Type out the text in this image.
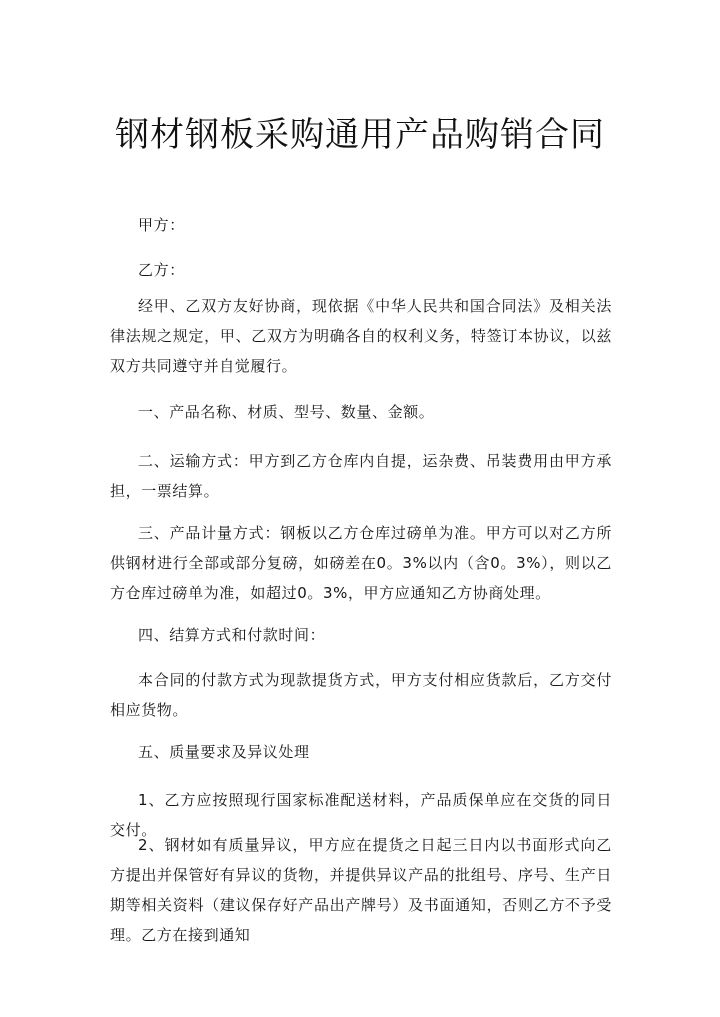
钢材钢板采购通用产品购销合同

甲方：

乙方：

经甲、乙双方友好协商，现依据《中华人民共和国合同法》及相关法律法规之规定，甲、乙双方为明确各自的权利义务，特签订本协议，以兹双方共同遵守并自觉履行。

一、产品名称、材质、型号、数量、金额。

二、运输方式：甲方到乙方仓库内自提，运杂费、吊装费用由甲方承担，一票结算。

三、产品计量方式：钢板以乙方仓库过磅单为准。甲方可以对乙方所供钢材进行全部或部分复磅，如磅差在0。3%以内（含0。3%），则以乙方仓库过磅单为准，如超过0。3%，甲方应通知乙方协商处理。

四、结算方式和付款时间：

本合同的付款方式为现款提货方式，甲方支付相应货款后，乙方交付相应货物。

五、质量要求及异议处理

1、乙方应按照现行国家标准配送材料，产品质保单应在交货的同日交付。

2、钢材如有质量异议，甲方应在提货之日起三日内以书面形式向乙方提出并保管好有异议的货物，并提供异议产品的批组号、序号、生产日期等相关资料（建议保存好产品出产牌号）及书面通知，否则乙方不予受理。乙方在接到通知
